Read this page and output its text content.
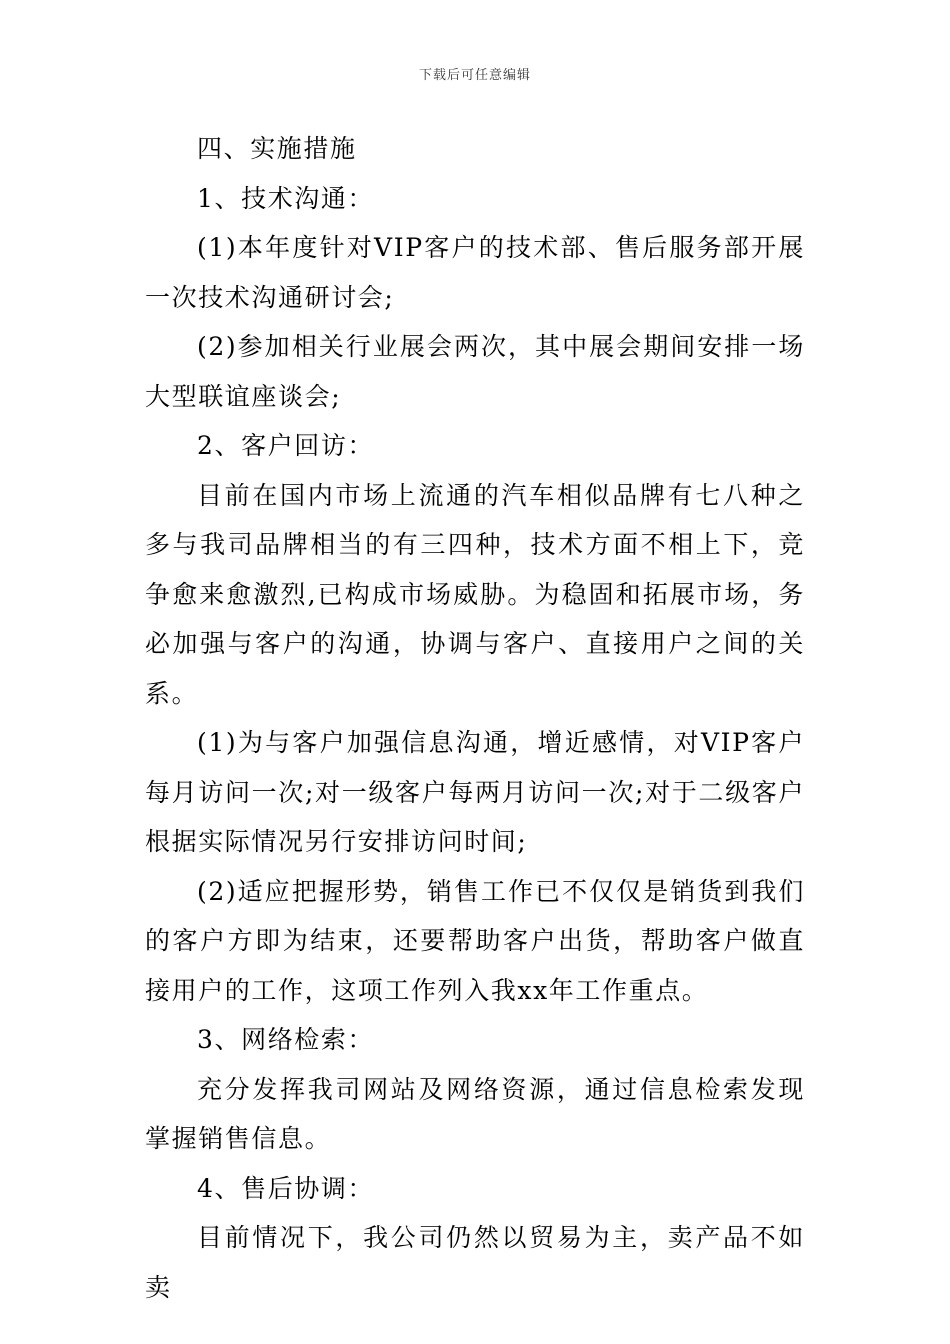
下载后可任意编辑

四、实施措施

1、技术沟通：

(1)本年度针对VIP客户的技术部、售后服务部开展一次技术沟通研讨会;

(2)参加相关行业展会两次，其中展会期间安排一场大型联谊座谈会;

2、客户回访：

目前在国内市场上流通的汽车相似品牌有七八种之多与我司品牌相当的有三四种，技术方面不相上下，竞争愈来愈激烈,已构成市场威胁。为稳固和拓展市场，务必加强与客户的沟通，协调与客户、直接用户之间的关系。

(1)为与客户加强信息沟通，增近感情，对VIP客户每月访问一次;对一级客户每两月访问一次;对于二级客户根据实际情况另行安排访问时间;

(2)适应把握形势，销售工作已不仅仅是销货到我们的客户方即为结束，还要帮助客户出货，帮助客户做直接用户的工作，这项工作列入我xx年工作重点。

3、网络检索：

充分发挥我司网站及网络资源，通过信息检索发现掌握销售信息。

4、售后协调：

目前情况下，我公司仍然以贸易为主，卖产品不如卖
